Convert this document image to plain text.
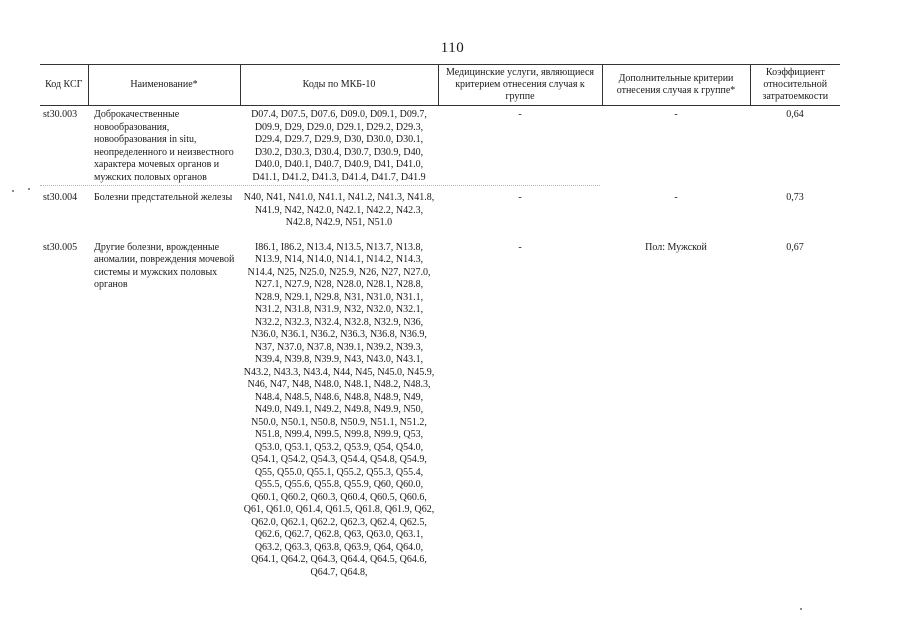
110
Код КСГ	Наименование*	Коды по МКБ-10	Медицинские услуги, являющиеся критерием отнесения случая к группе	Дополнительные критерии отнесения случая к группе*	Коэффициент относительной затратоемкости
st30.003	Доброкачественные новообразования, новообразования in situ, неопределенного и неизвестного характера мочевых органов и мужских половых органов	D07.4, D07.5, D07.6, D09.0, D09.1, D09.7, D09.9, D29, D29.0, D29.1, D29.2, D29.3, D29.4, D29.7, D29.9, D30, D30.0, D30.1, D30.2, D30.3, D30.4, D30.7, D30.9, D40, D40.0, D40.1, D40.7, D40.9, D41, D41.0, D41.1, D41.2, D41.3, D41.4, D41.7, D41.9	-	-	0,64
st30.004	Болезни предстательной железы	N40, N41, N41.0, N41.1, N41.2, N41.3, N41.8, N41.9, N42, N42.0, N42.1, N42.2, N42.3, N42.8, N42.9, N51, N51.0	-	-	0,73
st30.005	Другие болезни, врожденные аномалии, повреждения мочевой системы и мужских половых органов	I86.1, I86.2, N13.4, N13.5, N13.7, N13.8, N13.9, N14, N14.0, N14.1, N14.2, N14.3, N14.4, N25, N25.0, N25.9, N26, N27, N27.0, N27.1, N27.9, N28, N28.0, N28.1, N28.8, N28.9, N29.1, N29.8, N31, N31.0, N31.1, N31.2, N31.8, N31.9, N32, N32.0, N32.1, N32.2, N32.3, N32.4, N32.8, N32.9, N36, N36.0, N36.1, N36.2, N36.3, N36.8, N36.9, N37, N37.0, N37.8, N39.1, N39.2, N39.3, N39.4, N39.8, N39.9, N43, N43.0, N43.1, N43.2, N43.3, N43.4, N44, N45, N45.0, N45.9, N46, N47, N48, N48.0, N48.1, N48.2, N48.3, N48.4, N48.5, N48.6, N48.8, N48.9, N49, N49.0, N49.1, N49.2, N49.8, N49.9, N50, N50.0, N50.1, N50.8, N50.9, N51.1, N51.2, N51.8, N99.4, N99.5, N99.8, N99.9, Q53, Q53.0, Q53.1, Q53.2, Q53.9, Q54, Q54.0, Q54.1, Q54.2, Q54.3, Q54.4, Q54.8, Q54.9, Q55, Q55.0, Q55.1, Q55.2, Q55.3, Q55.4, Q55.5, Q55.6, Q55.8, Q55.9, Q60, Q60.0, Q60.1, Q60.2, Q60.3, Q60.4, Q60.5, Q60.6, Q61, Q61.0, Q61.4, Q61.5, Q61.8, Q61.9, Q62, Q62.0, Q62.1, Q62.2, Q62.3, Q62.4, Q62.5, Q62.6, Q62.7, Q62.8, Q63, Q63.0, Q63.1, Q63.2, Q63.3, Q63.8, Q63.9, Q64, Q64.0, Q64.1, Q64.2, Q64.3, Q64.4, Q64.5, Q64.6, Q64.7, Q64.8,	-	Пол: Мужской	0,67
